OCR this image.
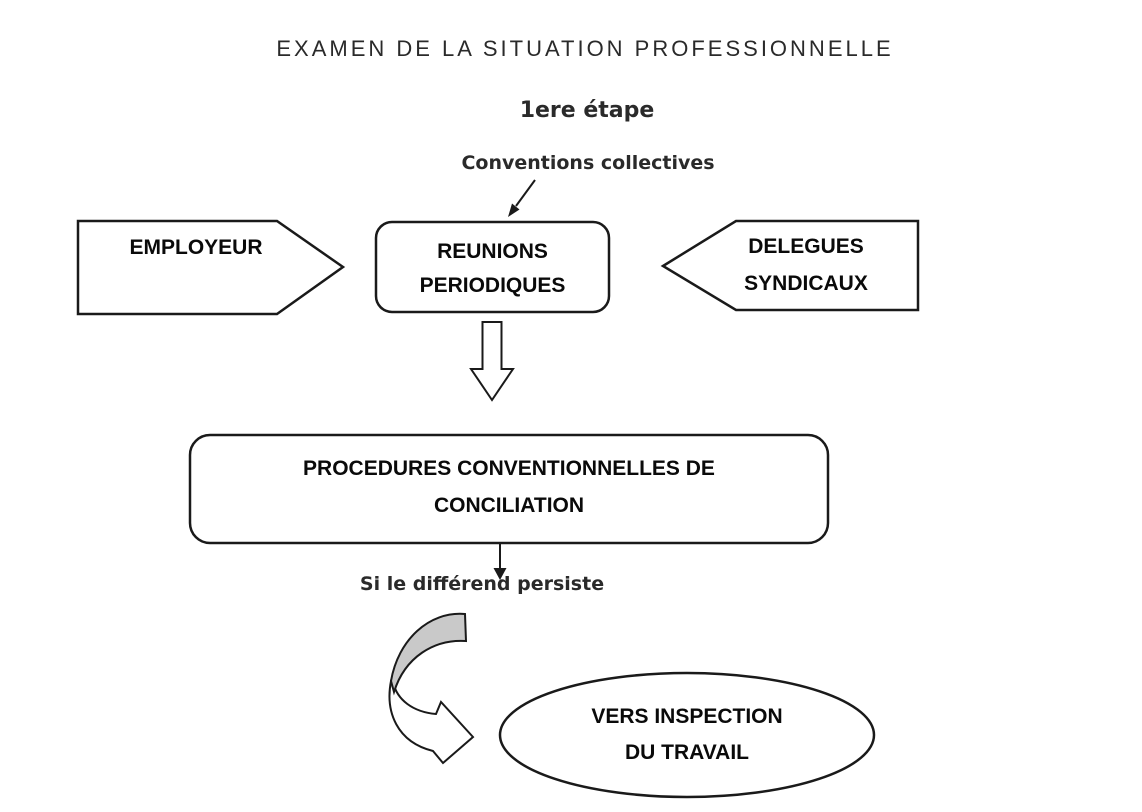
EXAMEN DE LA SITUATION PROFESSIONNELLE
1ere étape
Conventions collectives
EMPLOYEUR	REUNIONS
PERIODIQUES
DELEGUES
SYNDICAUX
PROCEDURES CONVENTIONNELLES DE
CONCILIATION
Si le différend persiste
VERS INSPECTION
DU TRAVAIL
